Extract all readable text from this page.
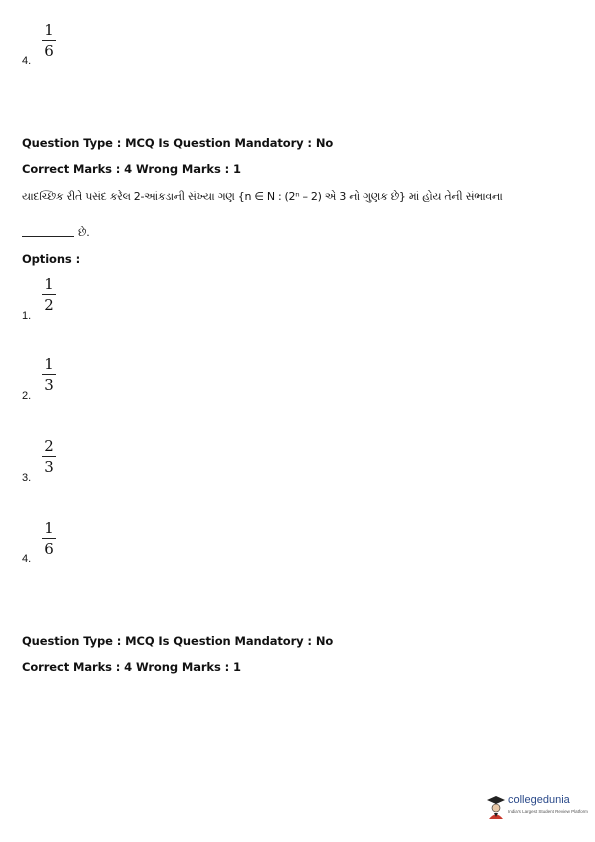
4.
1
6
Question Type : MCQ Is Question Mandatory : No
Correct Marks : 4 Wrong Marks : 1
યાદચ્છિક રીતે પસંદ કરેલ 2-આંકડાની સંખ્યા ગણ {n ∈ N : (2ⁿ – 2) એ 3 નો ગુણક છે} માં હોય તેની સંભાવના
છે.
Options :
1.
1
2
2.
1
3
3.
2
3
4.
1
6
Question Type : MCQ Is Question Mandatory : No
Correct Marks : 4 Wrong Marks : 1
collegedunia
India's Largest Student Review Platform
